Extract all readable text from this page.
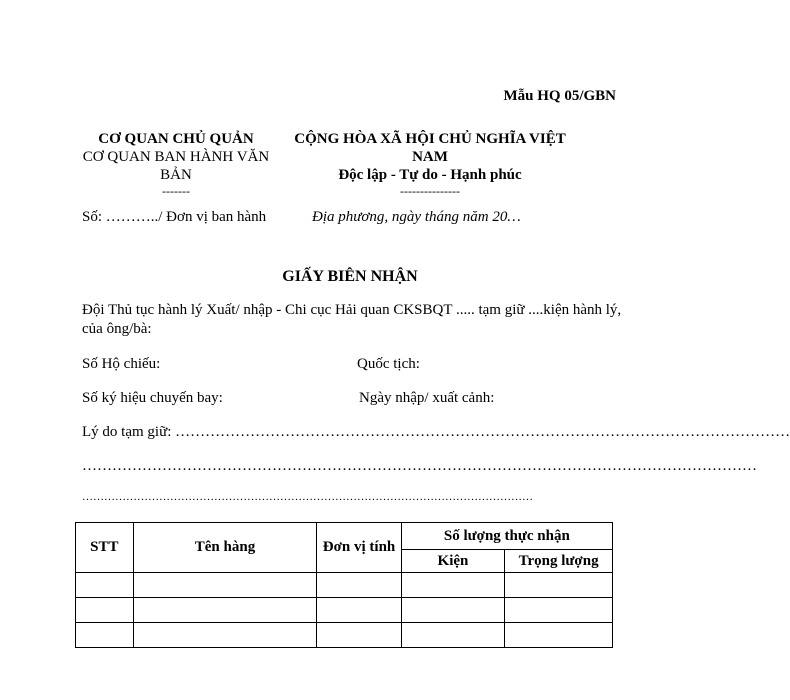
Mẫu HQ 05/GBN
CƠ QUAN CHỦ QUẢN
CƠ QUAN BAN HÀNH VĂN BẢN
-------
CỘNG HÒA XÃ HỘI CHỦ NGHĨA VIỆT NAM
Độc lập - Tự do - Hạnh phúc
---------------
Số: ………../ Đơn vị ban hành	Địa phương, ngày tháng năm 20…
GIẤY BIÊN NHẬN
Đội Thủ tục hành lý Xuất/ nhập - Chi cục Hải quan CKSBQT ..... tạm giữ ....kiện hành lý, của ông/bà:
Số Hộ chiếu:	Quốc tịch:
Số ký hiệu chuyến bay:	Ngày nhập/ xuất cảnh:
Lý do tạm giữ: ……………………………………………………………………………………………………………
………………………………………………………………………………………………………………………
……………………………………………………………………………………………………………
STT	Tên hàng	Đơn vị tính	Số lượng thực nhận	
			Kiện	Trọng lượng
